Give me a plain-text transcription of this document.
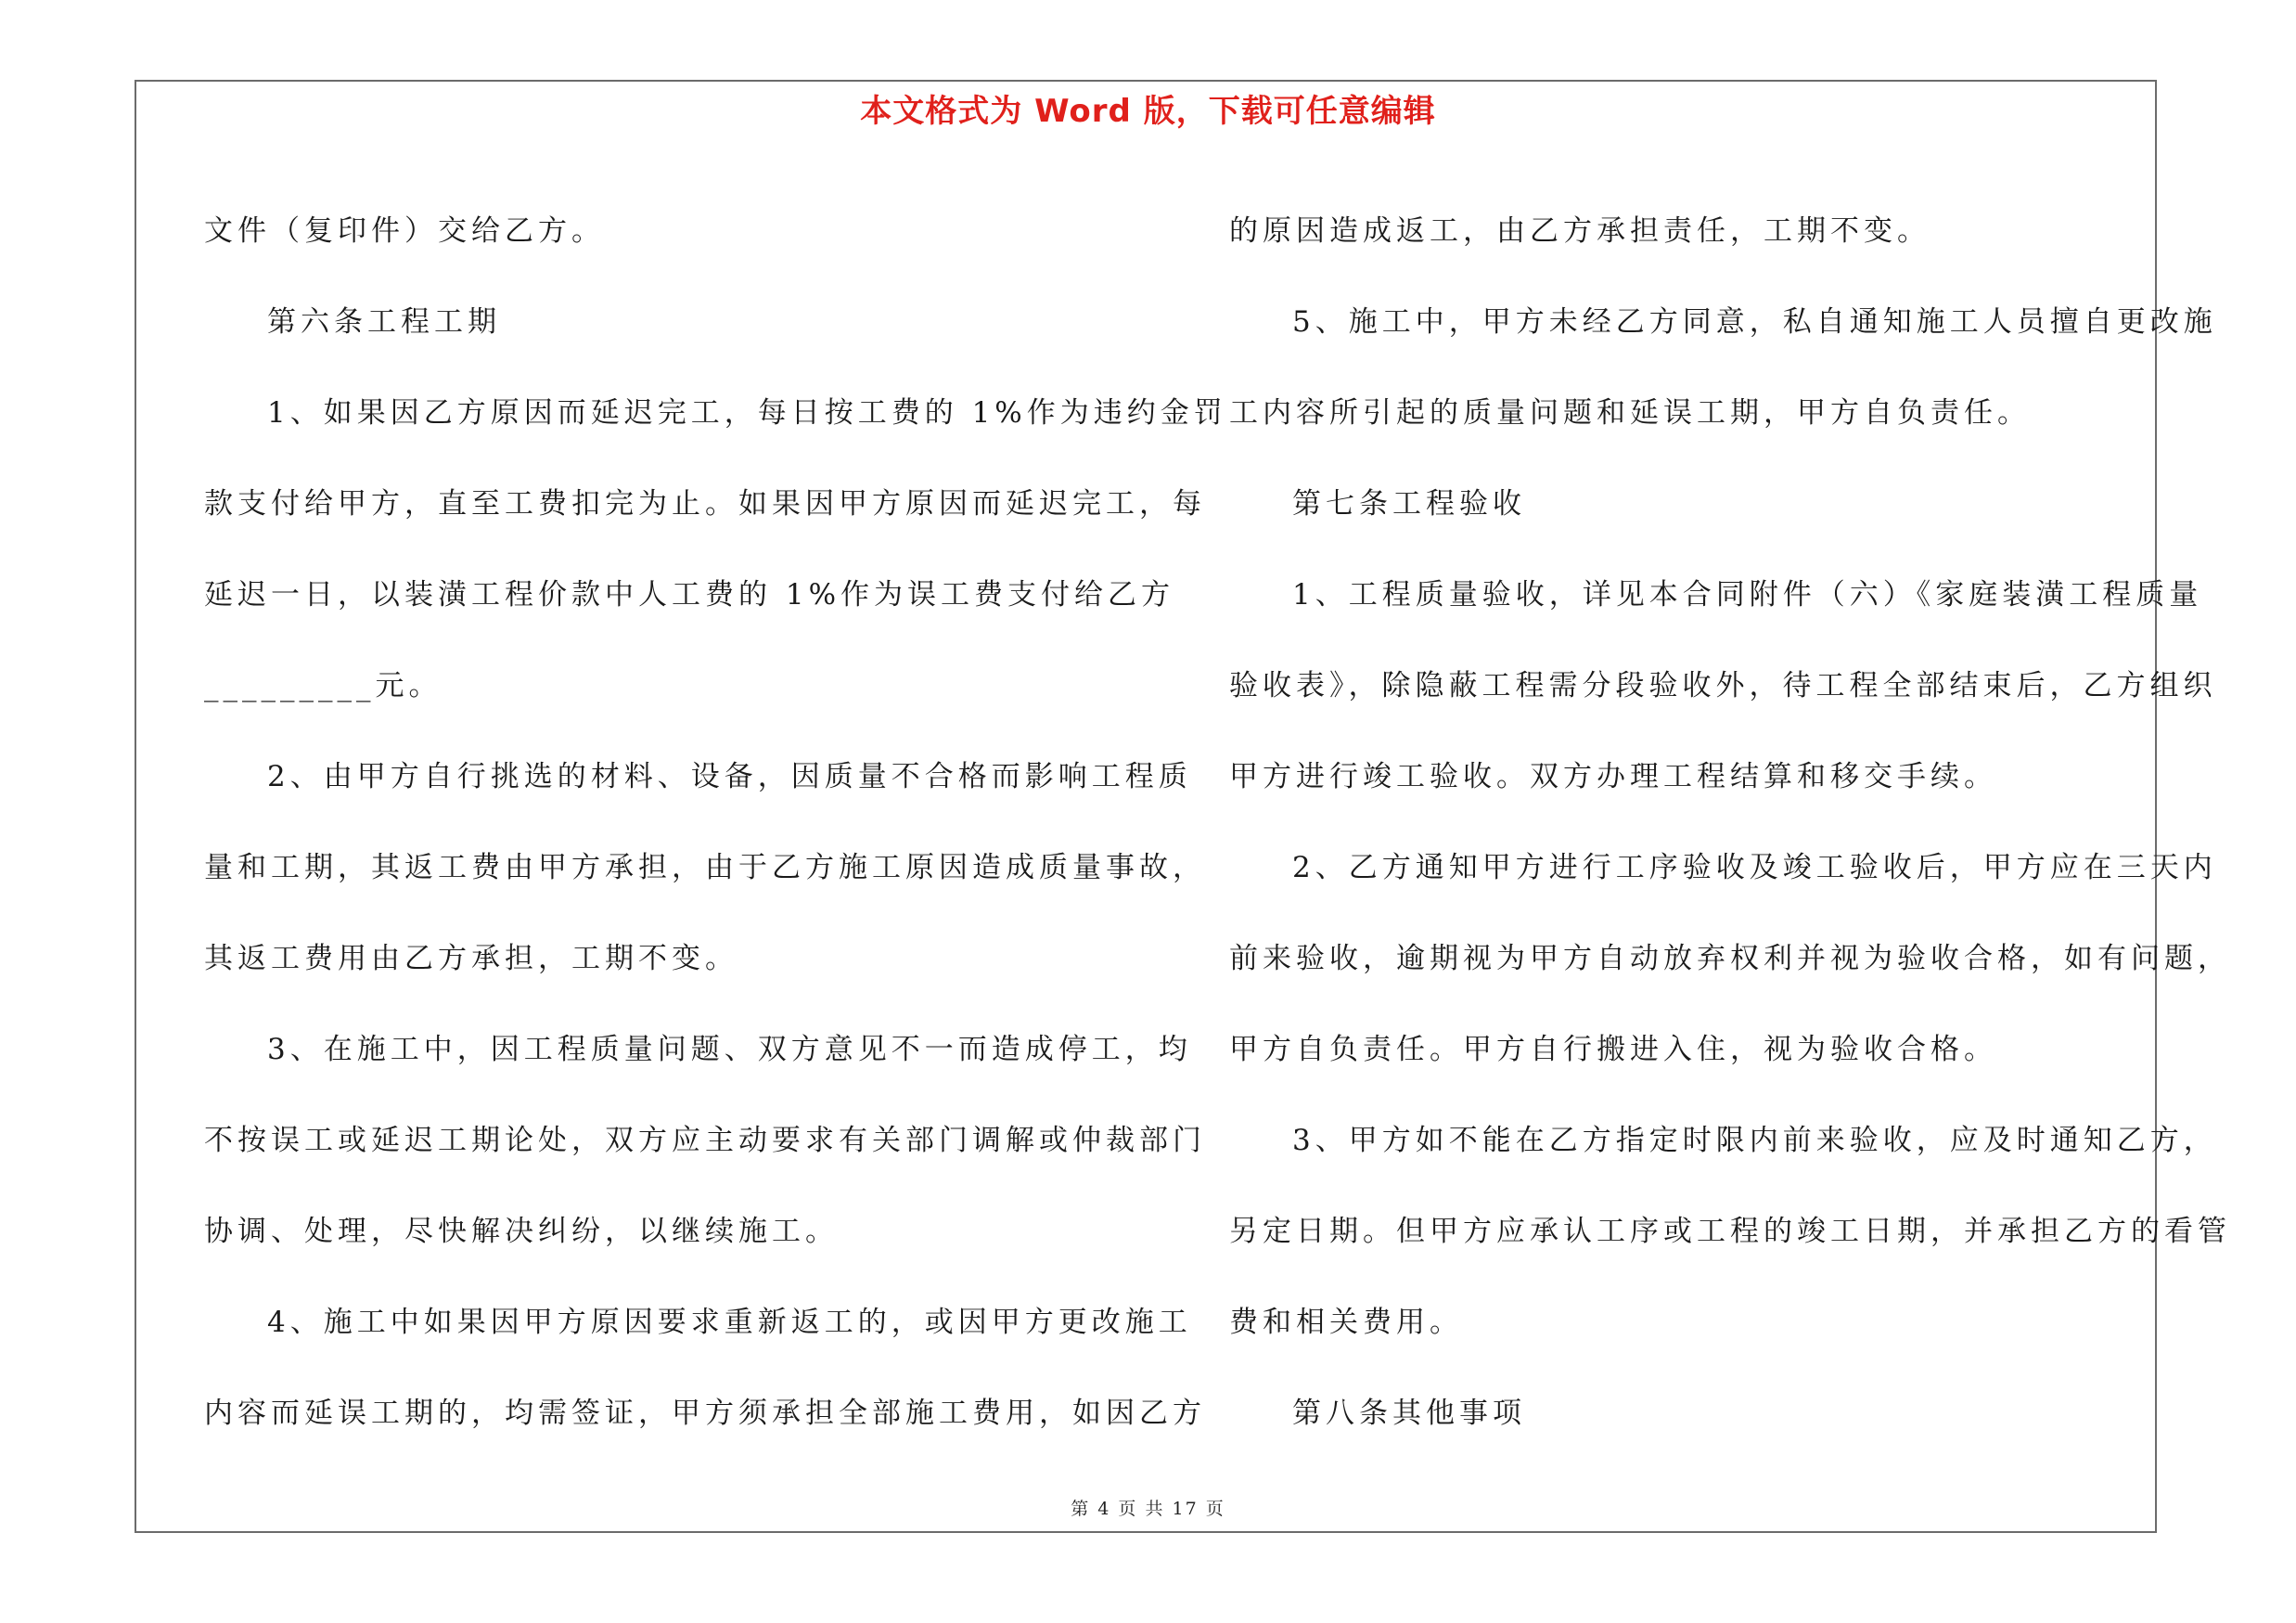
本文格式为 Word 版，下载可任意编辑

文件（复印件）交给乙方。

第六条工程工期

1、如果因乙方原因而延迟完工，每日按工费的 1%作为违约金罚

款支付给甲方，直至工费扣完为止。如果因甲方原因而延迟完工，每

延迟一日，以装潢工程价款中人工费的 1%作为误工费支付给乙方

_________元。

2、由甲方自行挑选的材料、设备，因质量不合格而影响工程质

量和工期，其返工费由甲方承担，由于乙方施工原因造成质量事故，

其返工费用由乙方承担，工期不变。

3、在施工中，因工程质量问题、双方意见不一而造成停工，均

不按误工或延迟工期论处，双方应主动要求有关部门调解或仲裁部门

协调、处理，尽快解决纠纷，以继续施工。

4、施工中如果因甲方原因要求重新返工的，或因甲方更改施工

内容而延误工期的，均需签证，甲方须承担全部施工费用，如因乙方

的原因造成返工，由乙方承担责任，工期不变。

5、施工中，甲方未经乙方同意，私自通知施工人员擅自更改施

工内容所引起的质量问题和延误工期，甲方自负责任。

第七条工程验收

1、工程质量验收，详见本合同附件（六）《家庭装潢工程质量

验收表》，除隐蔽工程需分段验收外，待工程全部结束后，乙方组织

甲方进行竣工验收。双方办理工程结算和移交手续。

2、乙方通知甲方进行工序验收及竣工验收后，甲方应在三天内

前来验收，逾期视为甲方自动放弃权利并视为验收合格，如有问题，

甲方自负责任。甲方自行搬进入住，视为验收合格。

3、甲方如不能在乙方指定时限内前来验收，应及时通知乙方，

另定日期。但甲方应承认工序或工程的竣工日期，并承担乙方的看管

费和相关费用。

第八条其他事项

第 4 页 共 17 页
